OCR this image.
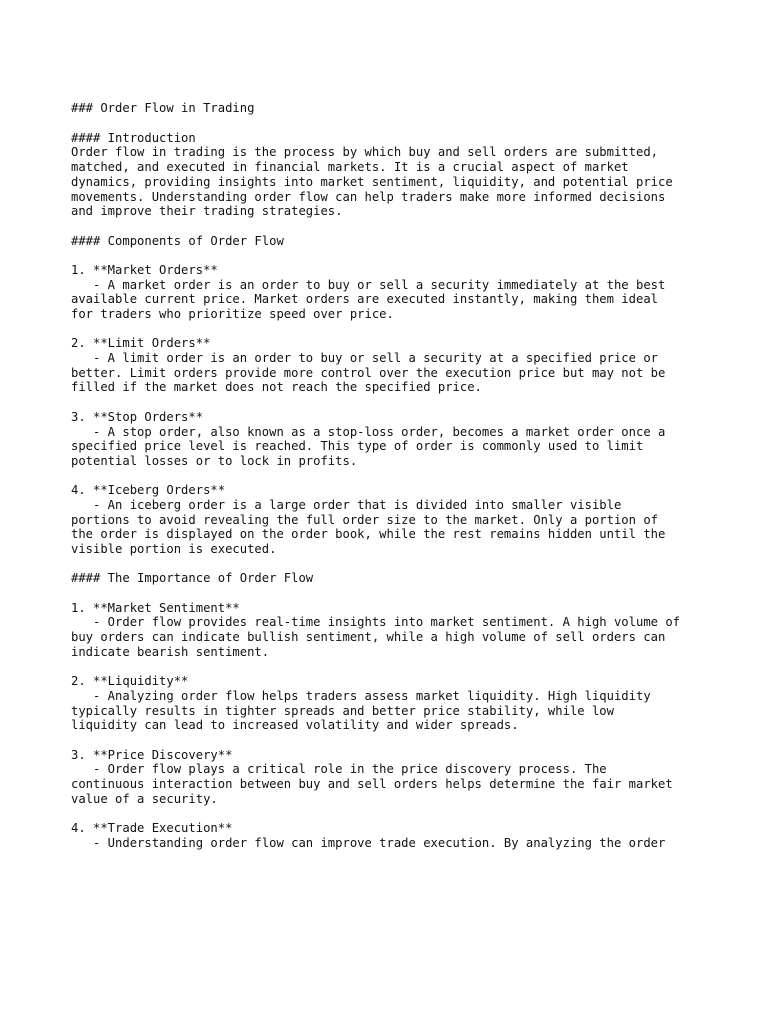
### Order Flow in Trading
#### Introduction
Order flow in trading is the process by which buy and sell orders are submitted,
matched, and executed in financial markets. It is a crucial aspect of market
dynamics, providing insights into market sentiment, liquidity, and potential price
movements. Understanding order flow can help traders make more informed decisions
and improve their trading strategies.
#### Components of Order Flow
1. **Market Orders**
- A market order is an order to buy or sell a security immediately at the best
available current price. Market orders are executed instantly, making them ideal
for traders who prioritize speed over price.
2. **Limit Orders**
- A limit order is an order to buy or sell a security at a specified price or
better. Limit orders provide more control over the execution price but may not be
filled if the market does not reach the specified price.
3. **Stop Orders**
- A stop order, also known as a stop-loss order, becomes a market order once a
specified price level is reached. This type of order is commonly used to limit
potential losses or to lock in profits.
4. **Iceberg Orders**
- An iceberg order is a large order that is divided into smaller visible
portions to avoid revealing the full order size to the market. Only a portion of
the order is displayed on the order book, while the rest remains hidden until the
visible portion is executed.
#### The Importance of Order Flow
1. **Market Sentiment**
- Order flow provides real-time insights into market sentiment. A high volume of
buy orders can indicate bullish sentiment, while a high volume of sell orders can
indicate bearish sentiment.
2. **Liquidity**
- Analyzing order flow helps traders assess market liquidity. High liquidity
typically results in tighter spreads and better price stability, while low
liquidity can lead to increased volatility and wider spreads.
3. **Price Discovery**
- Order flow plays a critical role in the price discovery process. The
continuous interaction between buy and sell orders helps determine the fair market
value of a security.
4. **Trade Execution**
- Understanding order flow can improve trade execution. By analyzing the order
